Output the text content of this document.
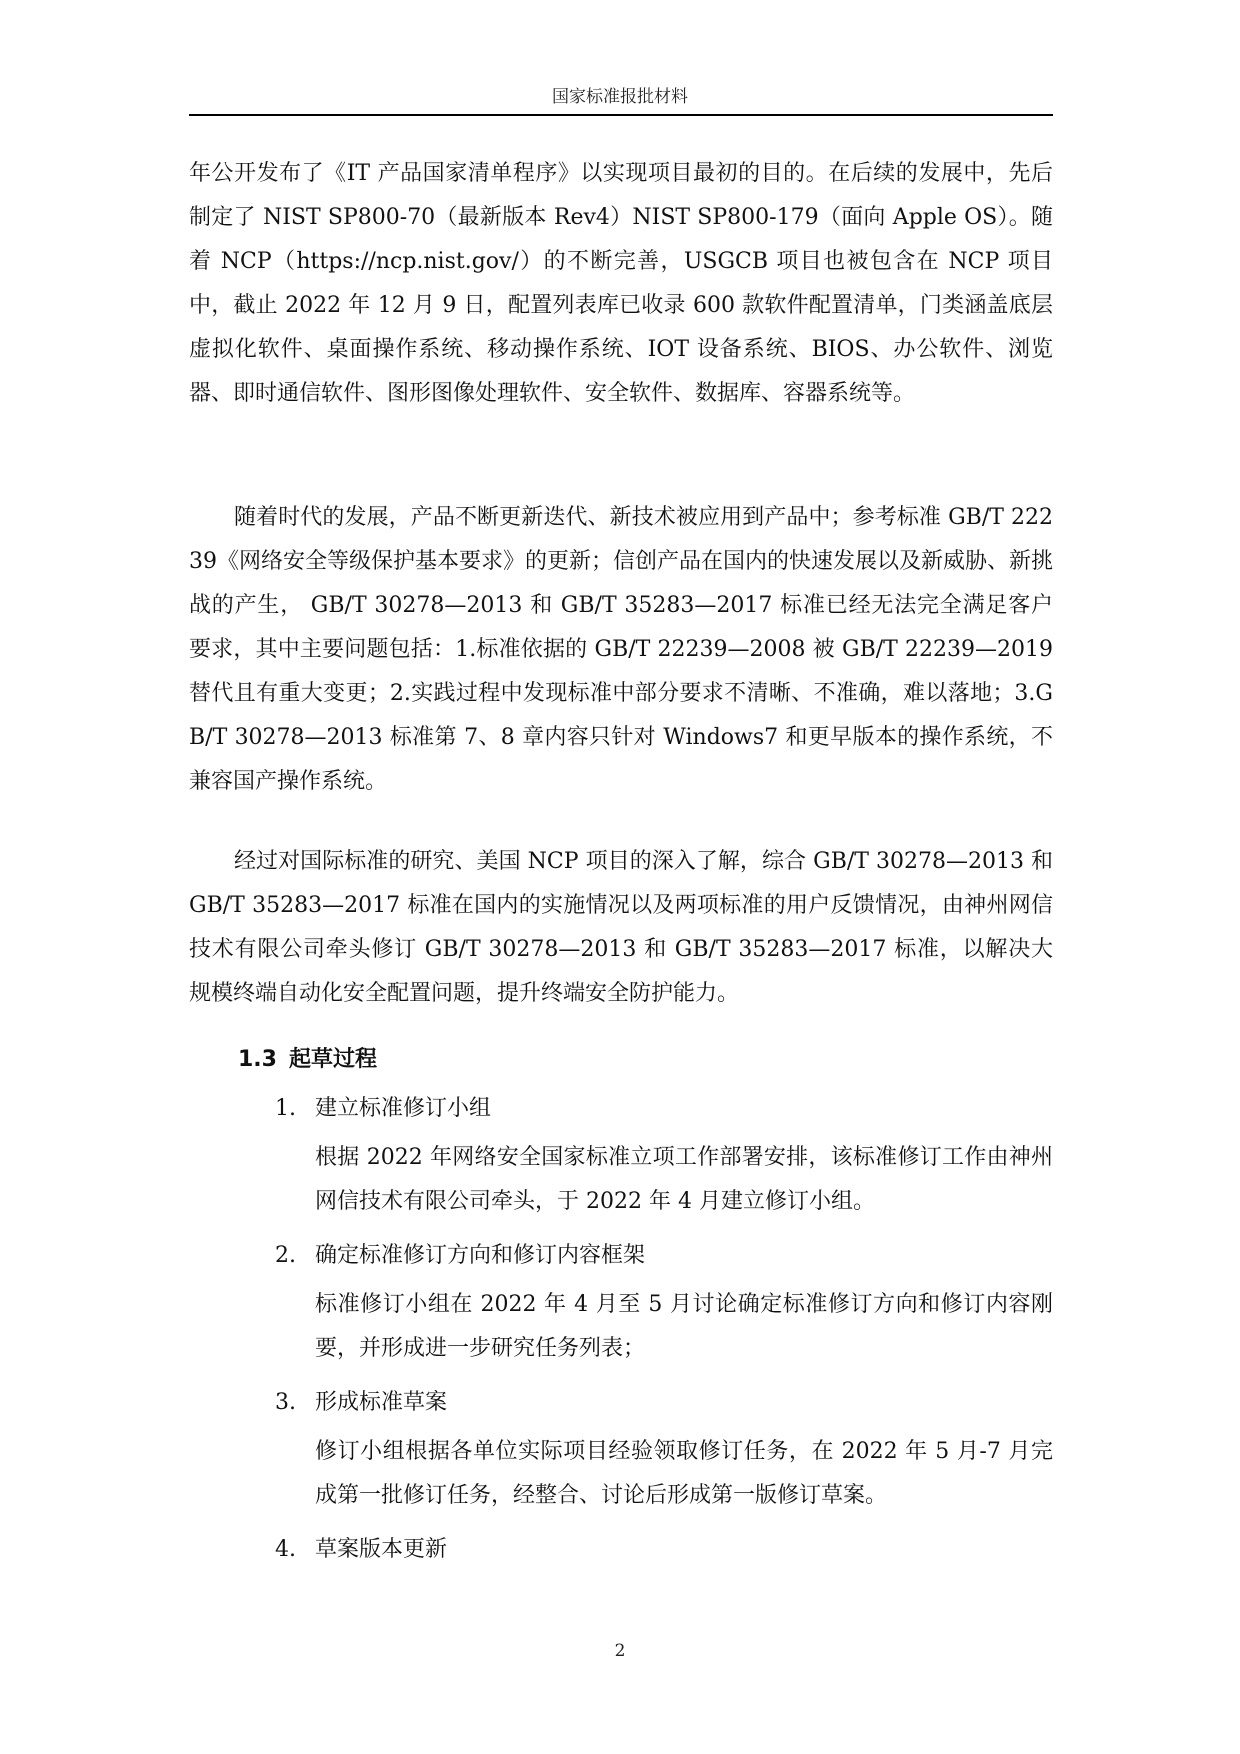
国家标准报批材料
年公开发布了《IT 产品国家清单程序》以实现项目最初的目的。在后续的发展中，先后制定了 NIST SP800-70（最新版本 Rev4）NIST SP800-179（面向 Apple OS）。随着 NCP（https://ncp.nist.gov/）的不断完善，USGCB 项目也被包含在 NCP 项目中，截止 2022 年 12 月 9 日，配置列表库已收录 600 款软件配置清单，门类涵盖底层虚拟化软件、桌面操作系统、移动操作系统、IOT 设备系统、BIOS、办公软件、浏览器、即时通信软件、图形图像处理软件、安全软件、数据库、容器系统等。
随着时代的发展，产品不断更新迭代、新技术被应用到产品中；参考标准 GB/T 22239《网络安全等级保护基本要求》的更新；信创产品在国内的快速发展以及新威胁、新挑战的产生， GB/T 30278—2013 和 GB/T 35283—2017 标准已经无法完全满足客户要求，其中主要问题包括：1.标准依据的 GB/T 22239—2008 被 GB/T 22239—2019 替代且有重大变更；2.实践过程中发现标准中部分要求不清晰、不准确，难以落地；3.GB/T 30278—2013 标准第 7、8 章内容只针对 Windows7 和更早版本的操作系统，不兼容国产操作系统。
经过对国际标准的研究、美国 NCP 项目的深入了解，综合 GB/T 30278—2013 和 GB/T 35283—2017 标准在国内的实施情况以及两项标准的用户反馈情况，由神州网信技术有限公司牵头修订 GB/T 30278—2013 和 GB/T 35283—2017 标准，以解决大规模终端自动化安全配置问题，提升终端安全防护能力。
1.3 起草过程
1. 建立标准修订小组
根据 2022 年网络安全国家标准立项工作部署安排，该标准修订工作由神州网信技术有限公司牵头，于 2022 年 4 月建立修订小组。
2. 确定标准修订方向和修订内容框架
标准修订小组在 2022 年 4 月至 5 月讨论确定标准修订方向和修订内容刚要，并形成进一步研究任务列表；
3. 形成标准草案
修订小组根据各单位实际项目经验领取修订任务，在 2022 年 5 月-7 月完成第一批修订任务，经整合、讨论后形成第一版修订草案。
4. 草案版本更新
2
